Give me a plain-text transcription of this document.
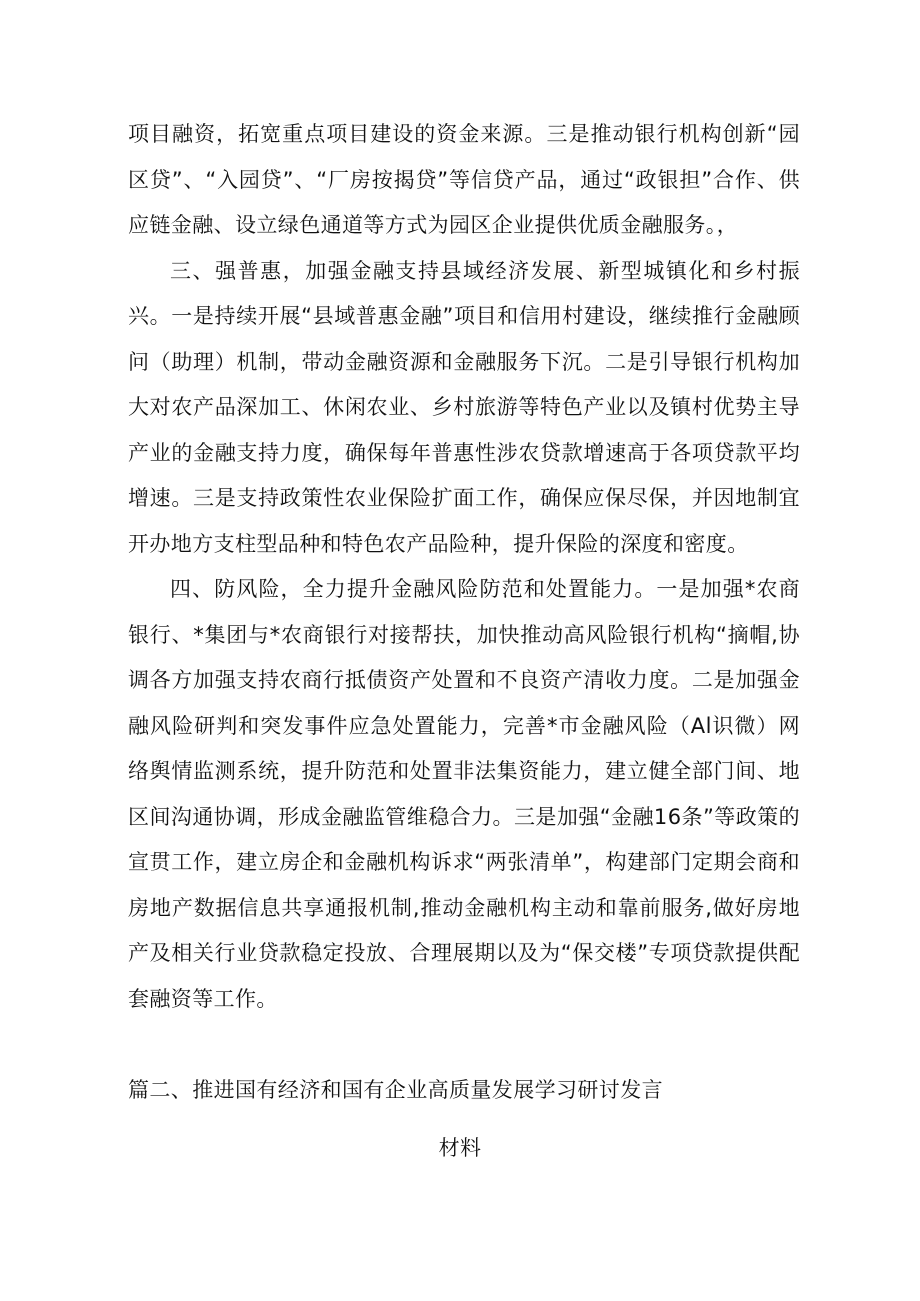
项目融资，拓宽重点项目建设的资金来源。三是推动银行机构创新“园区贷”、“入园贷”、“厂房按揭贷”等信贷产品，通过“政银担”合作、供应链金融、设立绿色通道等方式为园区企业提供优质金融服务。，

三、强普惠，加强金融支持县域经济发展、新型城镇化和乡村振兴。一是持续开展“县域普惠金融”项目和信用村建设，继续推行金融顾问（助理）机制，带动金融资源和金融服务下沉。二是引导银行机构加大对农产品深加工、休闲农业、乡村旅游等特色产业以及镇村优势主导产业的金融支持力度，确保每年普惠性涉农贷款增速高于各项贷款平均增速。三是支持政策性农业保险扩面工作，确保应保尽保，并因地制宜开办地方支柱型品种和特色农产品险种，提升保险的深度和密度。

四、防风险，全力提升金融风险防范和处置能力。一是加强*农商银行、*集团与*农商银行对接帮扶，加快推动高风险银行机构“摘帽,协调各方加强支持农商行抵债资产处置和不良资产清收力度。二是加强金融风险研判和突发事件应急处置能力，完善*市金融风险（Al识微）网络舆情监测系统，提升防范和处置非法集资能力，建立健全部门间、地区间沟通协调，形成金融监管维稳合力。三是加强“金融16条”等政策的宣贯工作，建立房企和金融机构诉求“两张清单”，构建部门定期会商和房地产数据信息共享通报机制,推动金融机构主动和靠前服务,做好房地产及相关行业贷款稳定投放、合理展期以及为“保交楼”专项贷款提供配套融资等工作。

篇二、推进国有经济和国有企业高质量发展学习研讨发言

材料
